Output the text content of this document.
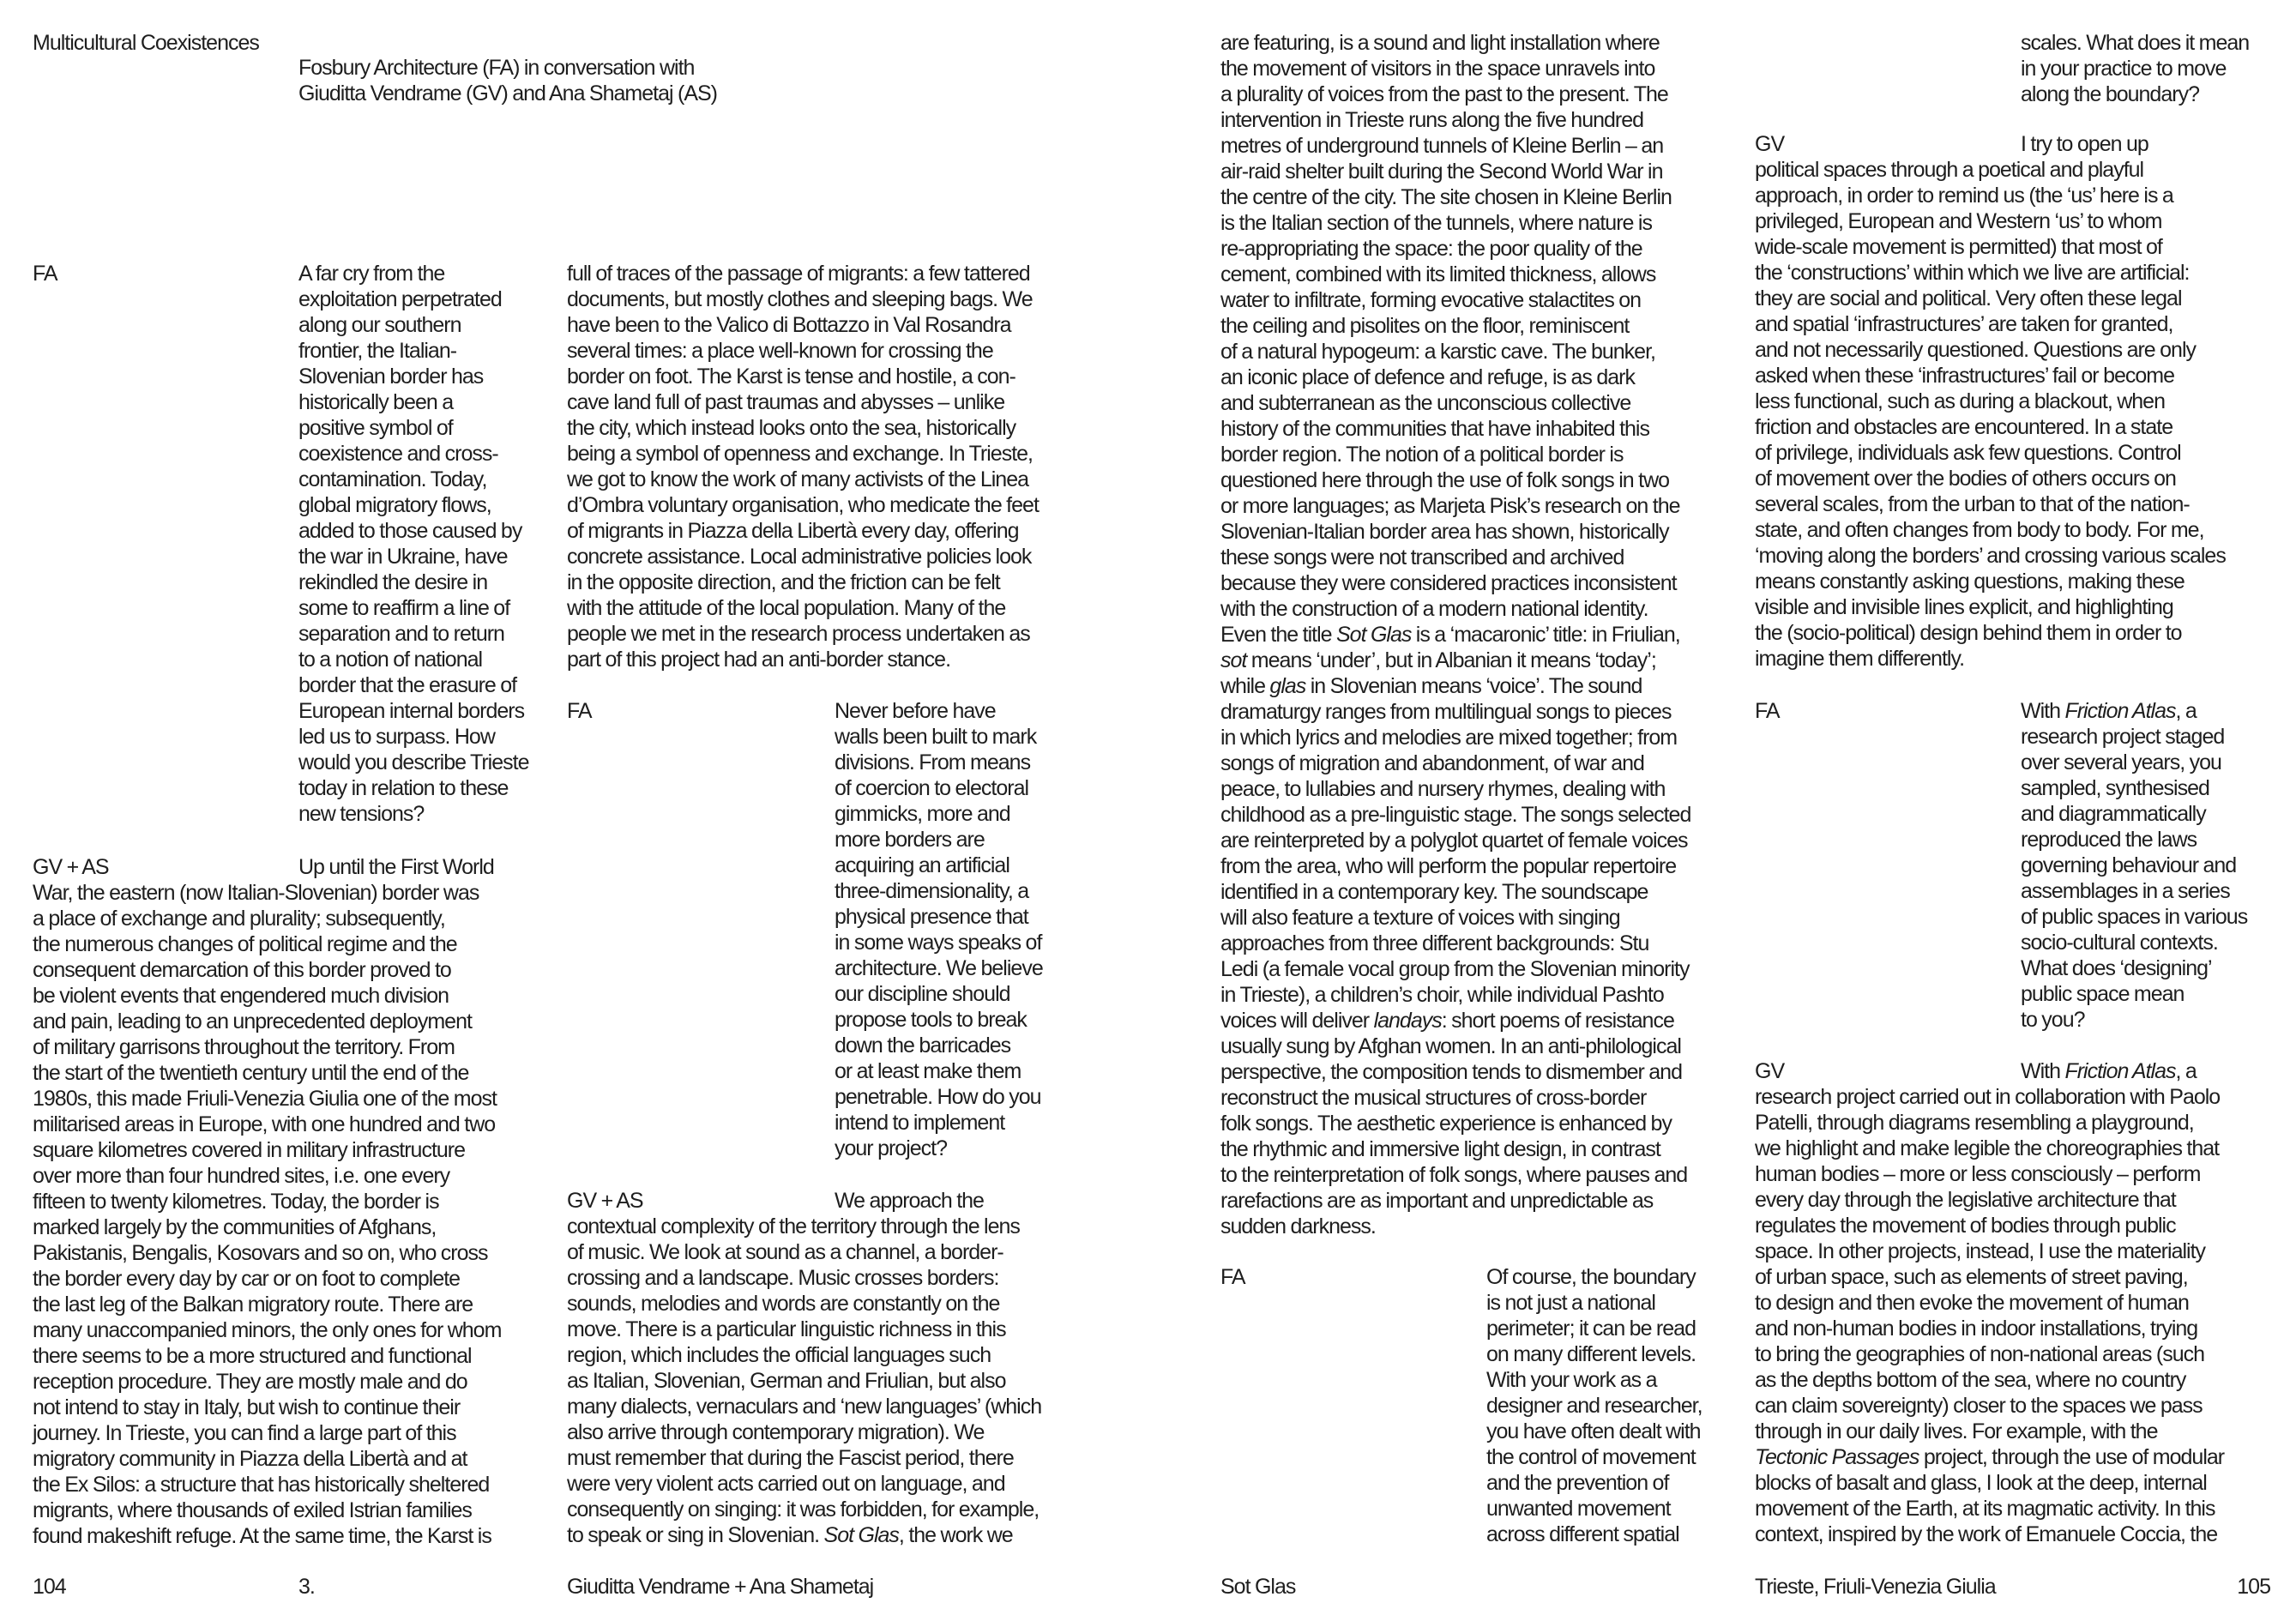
Multicultural Coexistences
Fosbury Architecture (FA) in conversation with
Giuditta Vendrame (GV) and Ana Shametaj (AS)
FA	A far cry from the
exploitation perpetrated
along our southern
frontier, the Italian-
Slovenian border has
historically been a
positive symbol of
coexistence and cross-
contamination. Today,
global migratory flows,
added to those caused by
the war in Ukraine, have
rekindled the desire in
some to reaffirm a line of
separation and to return
to a notion of national
border that the erasure of
European internal borders
led us to surpass. How
would you describe Trieste
today in relation to these
new tensions?
GV + AS	Up until the First World
War, the eastern (now Italian-Slovenian) border was
a place of exchange and plurality; subsequently,
the numerous changes of political regime and the
consequent demarcation of this border proved to
be violent events that engendered much division
and pain, leading to an unprecedented deployment
of military garrisons throughout the territory. From
the start of the twentieth century until the end of the
1980s, this made Friuli-Venezia Giulia one of the most
militarised areas in Europe, with one hundred and two
square kilometres covered in military infrastructure
over more than four hundred sites, i.e. one every
fifteen to twenty kilometres. Today, the border is
marked largely by the communities of Afghans,
Pakistanis, Bengalis, Kosovars and so on, who cross
the border every day by car or on foot to complete
the last leg of the Balkan migratory route. There are
many unaccompanied minors, the only ones for whom
there seems to be a more structured and functional
reception procedure. They are mostly male and do
not intend to stay in Italy, but wish to continue their
journey. In Trieste, you can find a large part of this
migratory community in Piazza della Libertà and at
the Ex Silos: a structure that has historically sheltered
migrants, where thousands of exiled Istrian families
found makeshift refuge. At the same time, the Karst is
full of traces of the passage of migrants: a few tattered
documents, but mostly clothes and sleeping bags. We
have been to the Valico di Bottazzo in Val Rosandra
several times: a place well-known for crossing the
border on foot. The Karst is tense and hostile, a con-
cave land full of past traumas and abysses – unlike
the city, which instead looks onto the sea, historically
being a symbol of openness and exchange. In Trieste,
we got to know the work of many activists of the Linea
d’Ombra voluntary organisation, who medicate the feet
of migrants in Piazza della Libertà every day, offering
concrete assistance. Local administrative policies look
in the opposite direction, and the friction can be felt
with the attitude of the local population. Many of the
people we met in the research process undertaken as
part of this project had an anti-border stance.
FA	Never before have
walls been built to mark
divisions. From means
of coercion to electoral
gimmicks, more and
more borders are
acquiring an artificial
three-dimensionality, a
physical presence that
in some ways speaks of
architecture. We believe
our discipline should
propose tools to break
down the barricades
or at least make them
penetrable. How do you
intend to implement
your project?
GV + AS	We approach the
contextual complexity of the territory through the lens
of music. We look at sound as a channel, a border-
crossing and a landscape. Music crosses borders:
sounds, melodies and words are constantly on the
move. There is a particular linguistic richness in this
region, which includes the official languages such
as Italian, Slovenian, German and Friulian, but also
many dialects, vernaculars and ‘new languages’ (which
also arrive through contemporary migration). We
must remember that during the Fascist period, there
were very violent acts carried out on language, and
consequently on singing: it was forbidden, for example,
to speak or sing in Slovenian. Sot Glas, the work we
are featuring, is a sound and light installation where
the movement of visitors in the space unravels into
a plurality of voices from the past to the present. The
intervention in Trieste runs along the five hundred
metres of underground tunnels of Kleine Berlin – an
air-raid shelter built during the Second World War in
the centre of the city. The site chosen in Kleine Berlin
is the Italian section of the tunnels, where nature is
re-appropriating the space: the poor quality of the
cement, combined with its limited thickness, allows
water to infiltrate, forming evocative stalactites on
the ceiling and pisolites on the floor, reminiscent
of a natural hypogeum: a karstic cave. The bunker,
an iconic place of defence and refuge, is as dark
and subterranean as the unconscious collective
history of the communities that have inhabited this
border region. The notion of a political border is
questioned here through the use of folk songs in two
or more languages; as Marjeta Pisk’s research on the
Slovenian-Italian border area has shown, historically
these songs were not transcribed and archived
because they were considered practices inconsistent
with the construction of a modern national identity.
Even the title Sot Glas is a ‘macaronic’ title: in Friulian,
sot means ‘under’, but in Albanian it means ‘today’;
while glas in Slovenian means ‘voice’. The sound
dramaturgy ranges from multilingual songs to pieces
in which lyrics and melodies are mixed together; from
songs of migration and abandonment, of war and
peace, to lullabies and nursery rhymes, dealing with
childhood as a pre-linguistic stage. The songs selected
are reinterpreted by a polyglot quartet of female voices
from the area, who will perform the popular repertoire
identified in a contemporary key. The soundscape
will also feature a texture of voices with singing
approaches from three different backgrounds: Stu
Ledi (a female vocal group from the Slovenian minority
in Trieste), a children’s choir, while individual Pashto
voices will deliver landays: short poems of resistance
usually sung by Afghan women. In an anti-philological
perspective, the composition tends to dismember and
reconstruct the musical structures of cross-border
folk songs. The aesthetic experience is enhanced by
the rhythmic and immersive light design, in contrast
to the reinterpretation of folk songs, where pauses and
rarefactions are as important and unpredictable as
sudden darkness.
FA	Of course, the boundary
is not just a national
perimeter; it can be read
on many different levels.
With your work as a
designer and researcher,
you have often dealt with
the control of movement
and the prevention of
unwanted movement
across different spatial
scales. What does it mean
in your practice to move
along the boundary?
GV	I try to open up
political spaces through a poetical and playful
approach, in order to remind us (the ‘us’ here is a
privileged, European and Western ‘us’ to whom
wide-scale movement is permitted) that most of
the ‘constructions’ within which we live are artificial:
they are social and political. Very often these legal
and spatial ‘infrastructures’ are taken for granted,
and not necessarily questioned. Questions are only
asked when these ‘infrastructures’ fail or become
less functional, such as during a blackout, when
friction and obstacles are encountered. In a state
of privilege, individuals ask few questions. Control
of movement over the bodies of others occurs on
several scales, from the urban to that of the nation-
state, and often changes from body to body. For me,
‘moving along the borders’ and crossing various scales
means constantly asking questions, making these
visible and invisible lines explicit, and highlighting
the (socio-political) design behind them in order to
imagine them differently.
FA	With Friction Atlas, a
research project staged
over several years, you
sampled, synthesised
and diagrammatically
reproduced the laws
governing behaviour and
assemblages in a series
of public spaces in various
socio-cultural contexts.
What does ‘designing’
public space mean
to you?
GV	With Friction Atlas, a
research project carried out in collaboration with Paolo
Patelli, through diagrams resembling a playground,
we highlight and make legible the choreographies that
human bodies – more or less consciously – perform
every day through the legislative architecture that
regulates the movement of bodies through public
space. In other projects, instead, I use the materiality
of urban space, such as elements of street paving,
to design and then evoke the movement of human
and non-human bodies in indoor installations, trying
to bring the geographies of non-national areas (such
as the depths bottom of the sea, where no country
can claim sovereignty) closer to the spaces we pass
through in our daily lives. For example, with the
Tectonic Passages project, through the use of modular
blocks of basalt and glass, I look at the deep, internal
movement of the Earth, at its magmatic activity. In this
context, inspired by the work of Emanuele Coccia, the
104	3.	Giuditta Vendrame + Ana Shametaj	Sot Glas	Trieste, Friuli-Venezia Giulia	105
